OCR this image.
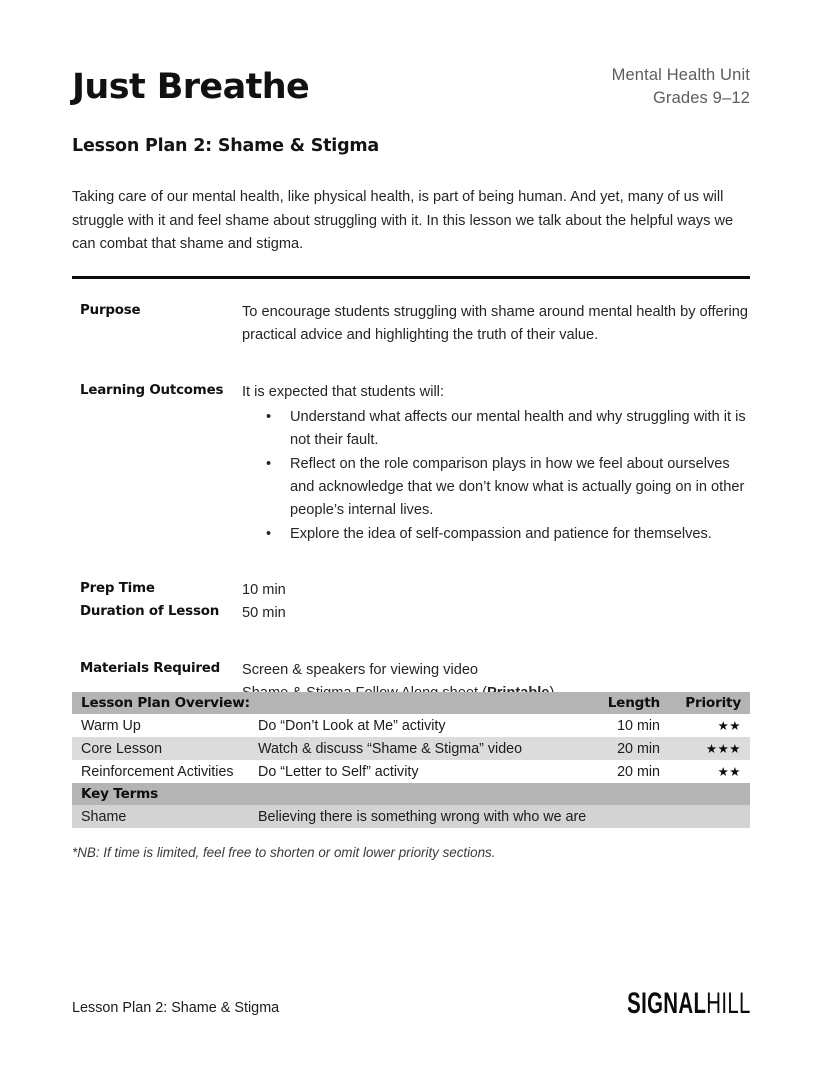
Just Breathe	Mental Health Unit
Grades 9–12
Lesson Plan 2: Shame & Stigma

Taking care of our mental health, like physical health, is part of being human. And yet, many of us will struggle with it and feel shame about struggling with it. In this lesson we talk about the helpful ways we can combat that shame and stigma.

Purpose	To encourage students struggling with shame around mental health by offering practical advice and highlighting the truth of their value.

Learning Outcomes	It is expected that students will:

• Understand what affects our mental health and why struggling with it is not their fault.
• Reflect on the role comparison plays in how we feel about ourselves and acknowledge that we don’t know what is actually going on in other people’s internal lives.
• Explore the idea of self-compassion and patience for themselves.
Prep Time	10 min
Duration of Lesson	50 min
Materials Required	Screen & speakers for viewing video

Lesson Plan Overview:		Length	Priority
Warm Up	Do “Don’t Look at Me” activity	10 min	★★
Core Lesson	Watch & discuss “Shame & Stigma” video	20 min	★★★
Reinforcement Activities	Do “Letter to Self” activity	20 min	★★
Key Terms			
Shame	Believing there is something wrong with who we are		
*NB: If time is limited, feel free to shorten or omit lower priority sections.
Lesson Plan 2: Shame & Stigma	SIGNAL HILL
